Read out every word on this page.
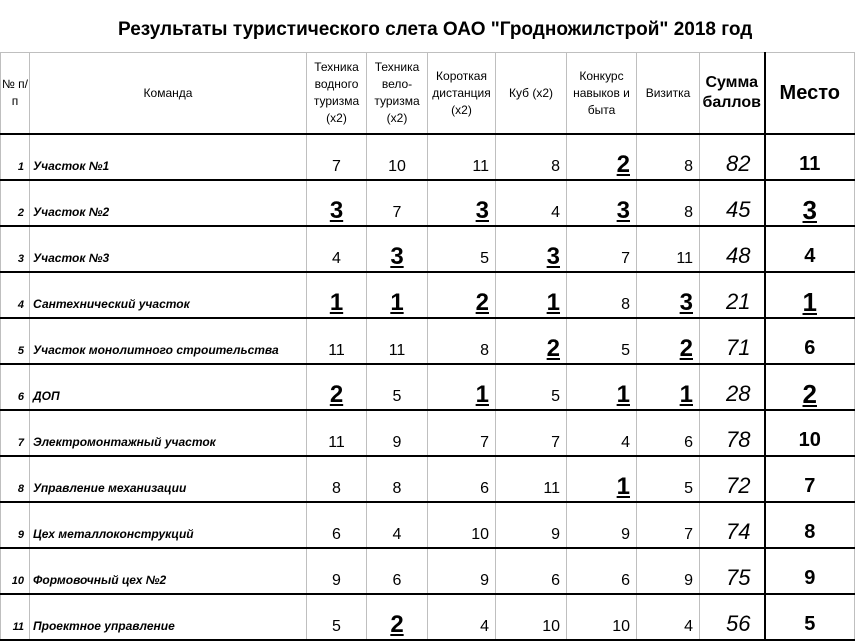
Результаты туристического слета ОАО "Гродножилстрой" 2018 год
№ п/п	Команда	Техника водного туризма (x2)	Техника вело-туризма (x2)	Короткая дистанция (x2)	Куб (x2)	Конкурс навыков и быта	Визитка	Сумма баллов	Место
1	Участок №1	7	10	11	8	2	8	82	11
2	Участок №2	3	7	3	4	3	8	45	3
3	Участок №3	4	3	5	3	7	11	48	4
4	Сантехнический участок	1	1	2	1	8	3	21	1
5	Участок монолитного строительства	11	11	8	2	5	2	71	6
6	ДОП	2	5	1	5	1	1	28	2
7	Электромонтажный участок	11	9	7	7	4	6	78	10
8	Управление механизации	8	8	6	11	1	5	72	7
9	Цех металлоконструкций	6	4	10	9	9	7	74	8
10	Формовочный цех №2	9	6	9	6	6	9	75	9
11	Проектное управление	5	2	4	10	10	4	56	5
